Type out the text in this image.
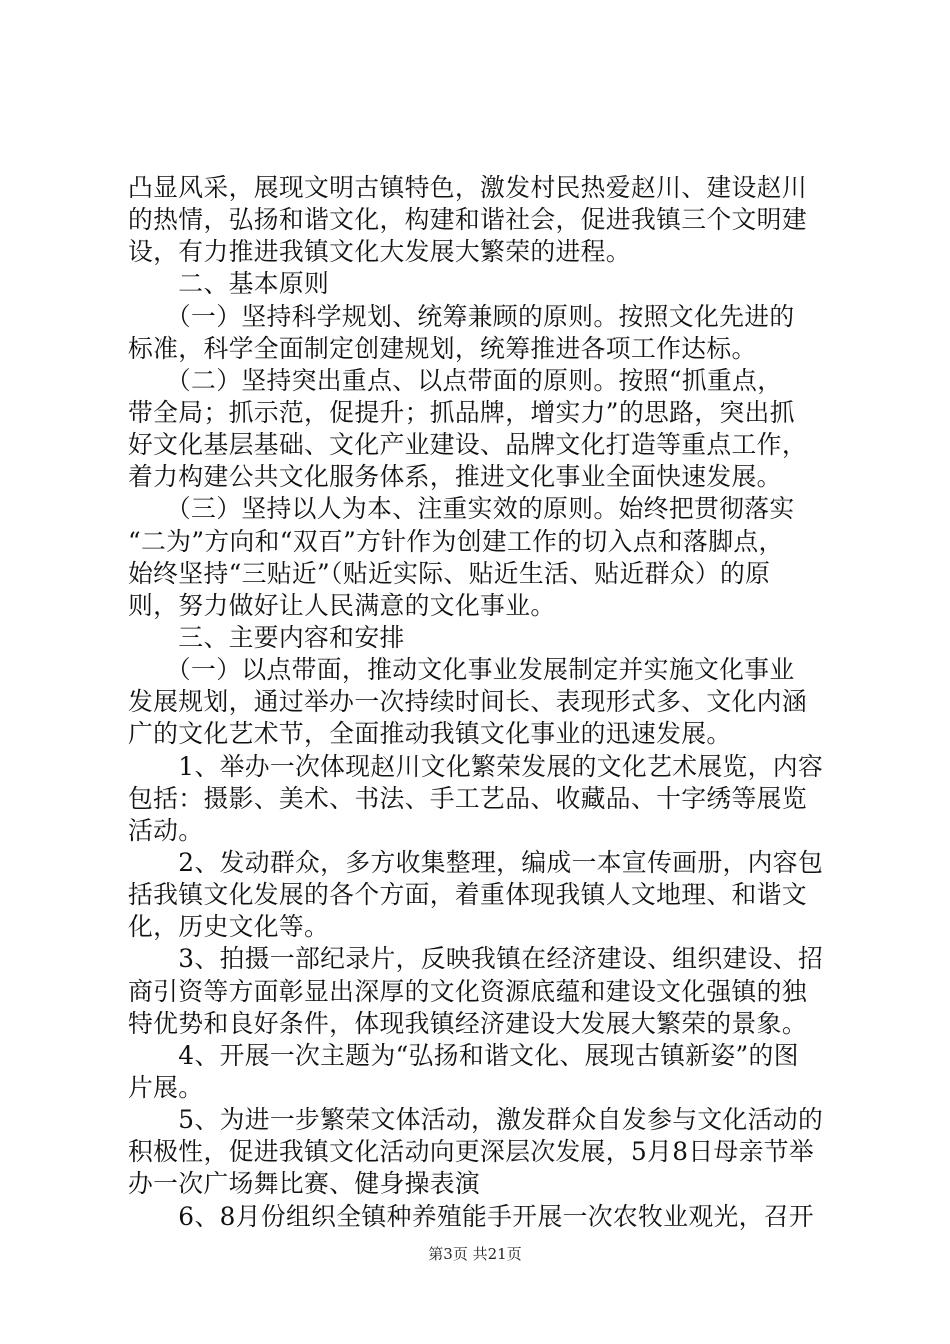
凸显风采，展现文明古镇特色，激发村民热爱赵川、建设赵川
的热情，弘扬和谐文化，构建和谐社会，促进我镇三个文明建
设，有力推进我镇文化大发展大繁荣的进程。
　　二、基本原则
　　（一）坚持科学规划、统筹兼顾的原则。按照文化先进的
标准，科学全面制定创建规划，统筹推进各项工作达标。
　　（二）坚持突出重点、以点带面的原则。按照“抓重点，
带全局；抓示范，促提升；抓品牌，增实力”的思路，突出抓
好文化基层基础、文化产业建设、品牌文化打造等重点工作，
着力构建公共文化服务体系，推进文化事业全面快速发展。
　　（三）坚持以人为本、注重实效的原则。始终把贯彻落实
“二为”方向和“双百”方针作为创建工作的切入点和落脚点，
始终坚持“三贴近”（贴近实际、贴近生活、贴近群众）的原
则，努力做好让人民满意的文化事业。
　　三、主要内容和安排
　　（一）以点带面，推动文化事业发展制定并实施文化事业
发展规划，通过举办一次持续时间长、表现形式多、文化内涵
广的文化艺术节，全面推动我镇文化事业的迅速发展。
　　1、举办一次体现赵川文化繁荣发展的文化艺术展览，内容
包括：摄影、美术、书法、手工艺品、收藏品、十字绣等展览
活动。
　　2、发动群众，多方收集整理，编成一本宣传画册，内容包
括我镇文化发展的各个方面，着重体现我镇人文地理、和谐文
化，历史文化等。
　　3、拍摄一部纪录片，反映我镇在经济建设、组织建设、招
商引资等方面彰显出深厚的文化资源底蕴和建设文化强镇的独
特优势和良好条件，体现我镇经济建设大发展大繁荣的景象。
　　4、开展一次主题为“弘扬和谐文化、展现古镇新姿”的图
片展。
　　5、为进一步繁荣文体活动，激发群众自发参与文化活动的
积极性，促进我镇文化活动向更深层次发展，5月8日母亲节举
办一次广场舞比赛、健身操表演
　　6、8月份组织全镇种养殖能手开展一次农牧业观光，召开
第3页 共21页
